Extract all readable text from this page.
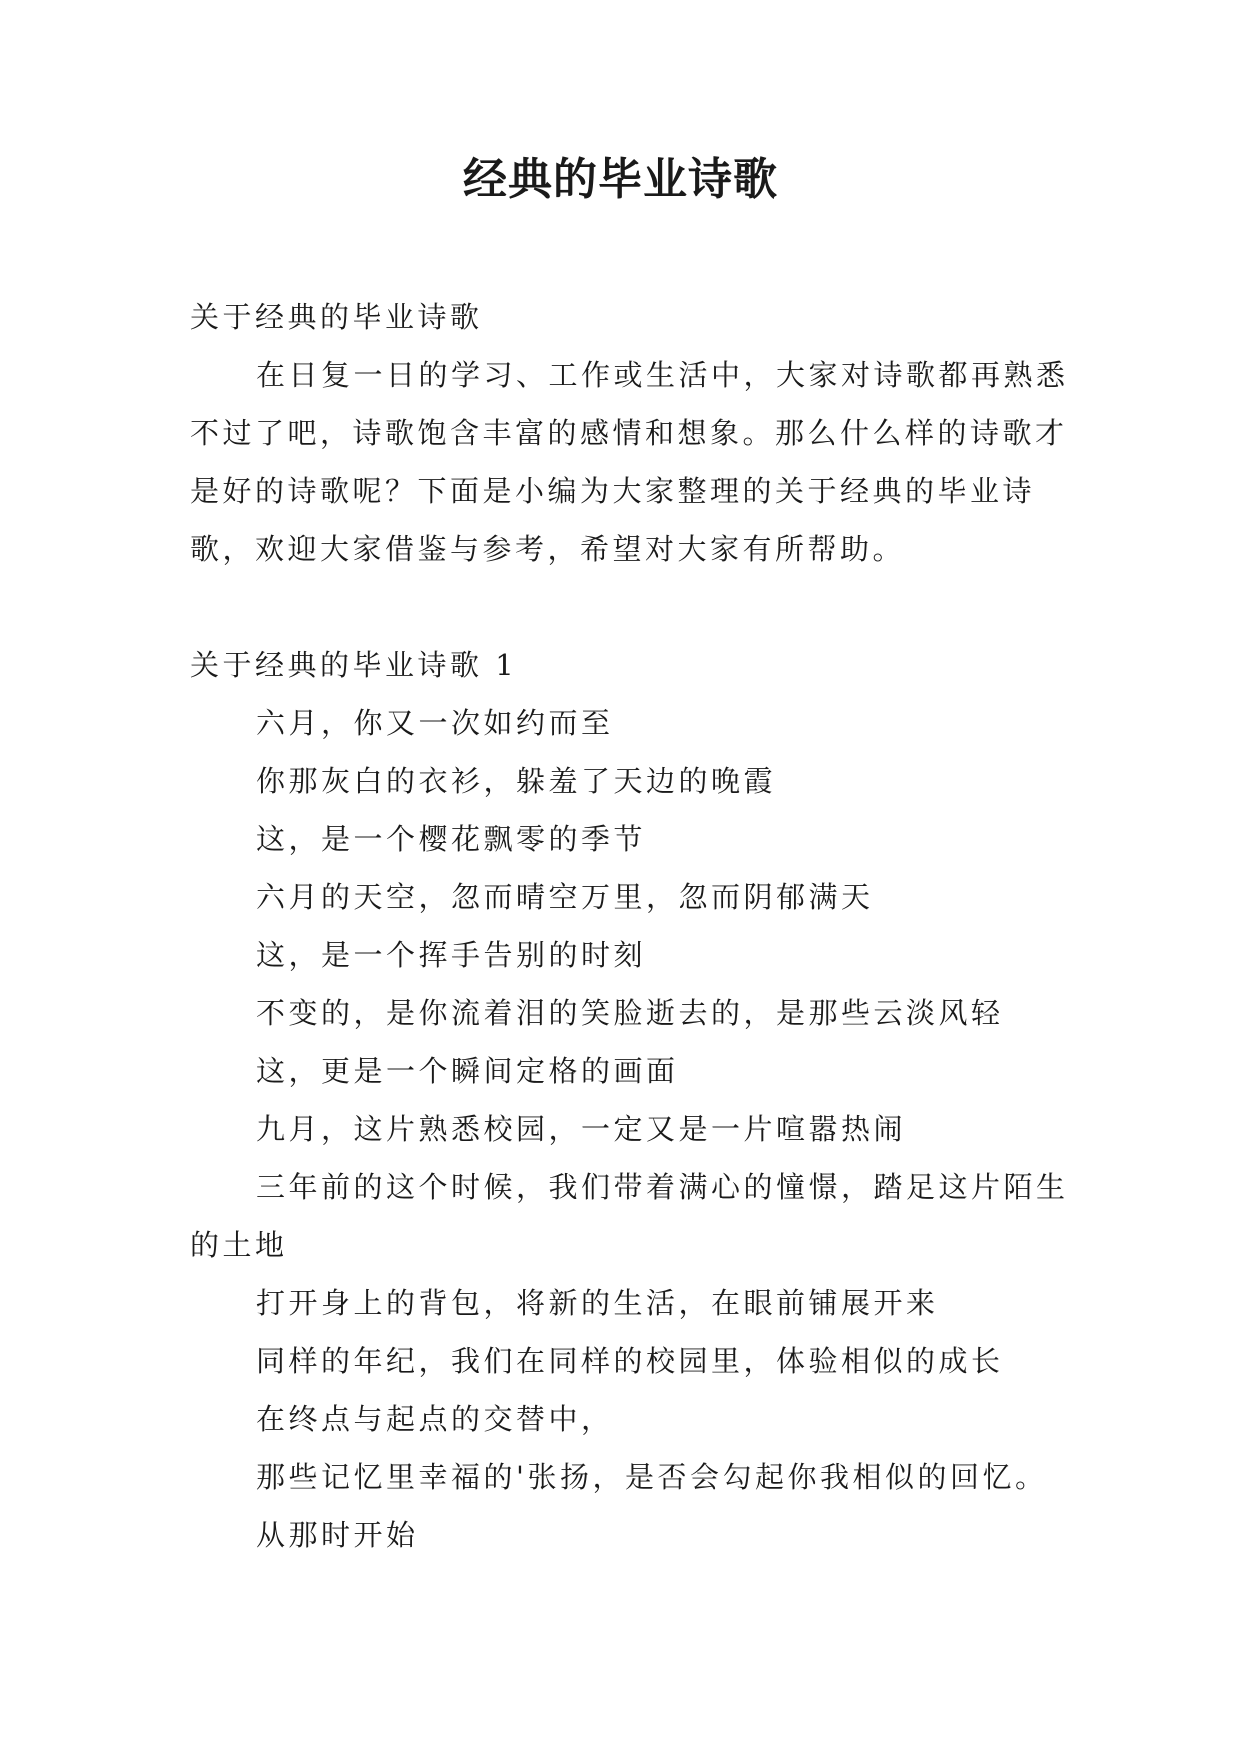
经典的毕业诗歌

关于经典的毕业诗歌

在日复一日的学习、工作或生活中，大家对诗歌都再熟悉不过了吧，诗歌饱含丰富的感情和想象。那么什么样的诗歌才是好的诗歌呢？下面是小编为大家整理的关于经典的毕业诗歌，欢迎大家借鉴与参考，希望对大家有所帮助。

关于经典的毕业诗歌 1

六月，你又一次如约而至

你那灰白的衣衫，躲羞了天边的晚霞

这，是一个樱花飘零的季节

六月的天空，忽而晴空万里，忽而阴郁满天

这，是一个挥手告别的时刻

不变的，是你流着泪的笑脸逝去的，是那些云淡风轻

这，更是一个瞬间定格的画面

九月，这片熟悉校园，一定又是一片喧嚣热闹

三年前的这个时候，我们带着满心的憧憬，踏足这片陌生的土地

打开身上的背包，将新的生活，在眼前铺展开来

同样的年纪，我们在同样的校园里，体验相似的成长

在终点与起点的交替中，

那些记忆里幸福的'张扬，是否会勾起你我相似的回忆。

从那时开始
